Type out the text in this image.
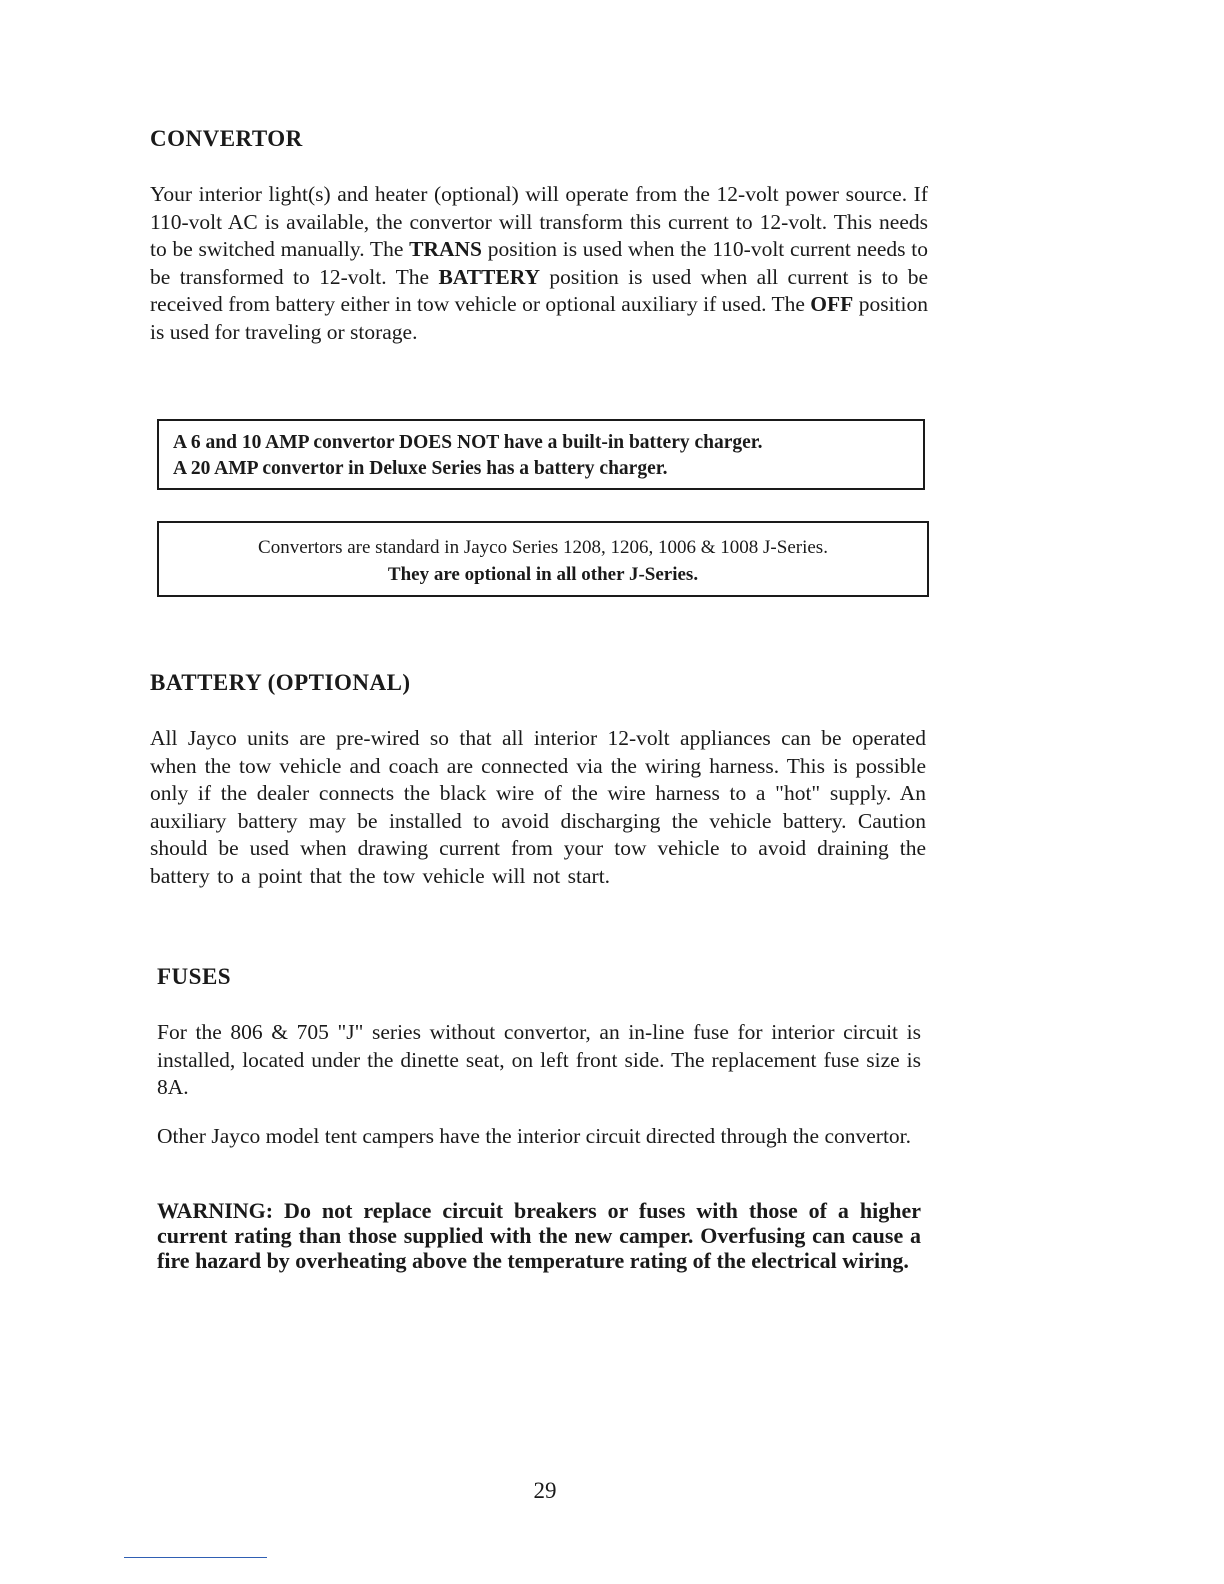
CONVERTOR

Your interior light(s) and heater (optional) will operate from the 12-volt power source. If 110-volt AC is available, the convertor will transform this current to 12-volt. This needs to be switched manually. The TRANS position is used when the 110-volt current needs to be transformed to 12-volt. The BATTERY position is used when all current is to be received from battery either in tow vehicle or optional auxiliary if used. The OFF position is used for traveling or storage.

A 6 and 10 AMP convertor DOES NOT have a built-in battery charger.
A 20 AMP convertor in Deluxe Series has a battery charger.
Convertors are standard in Jayco Series 1208, 1206, 1006 & 1008 J-Series.
They are optional in all other J-Series.
BATTERY (OPTIONAL)

All Jayco units are pre-wired so that all interior 12-volt appliances can be operated when the tow vehicle and coach are connected via the wiring harness. This is possible only if the dealer connects the black wire of the wire harness to a "hot" supply. An auxiliary battery may be installed to avoid discharging the vehicle battery. Caution should be used when drawing current from your tow vehicle to avoid draining the battery to a point that the tow vehicle will not start.

FUSES

For the 806 & 705 "J" series without convertor, an in-line fuse for interior circuit is installed, located under the dinette seat, on left front side. The replacement fuse size is 8A.

Other Jayco model tent campers have the interior circuit directed through the convertor.

WARNING: Do not replace circuit breakers or fuses with those of a higher current rating than those supplied with the new camper. Overfusing can cause a fire hazard by overheating above the temperature rating of the electrical wiring.

29
